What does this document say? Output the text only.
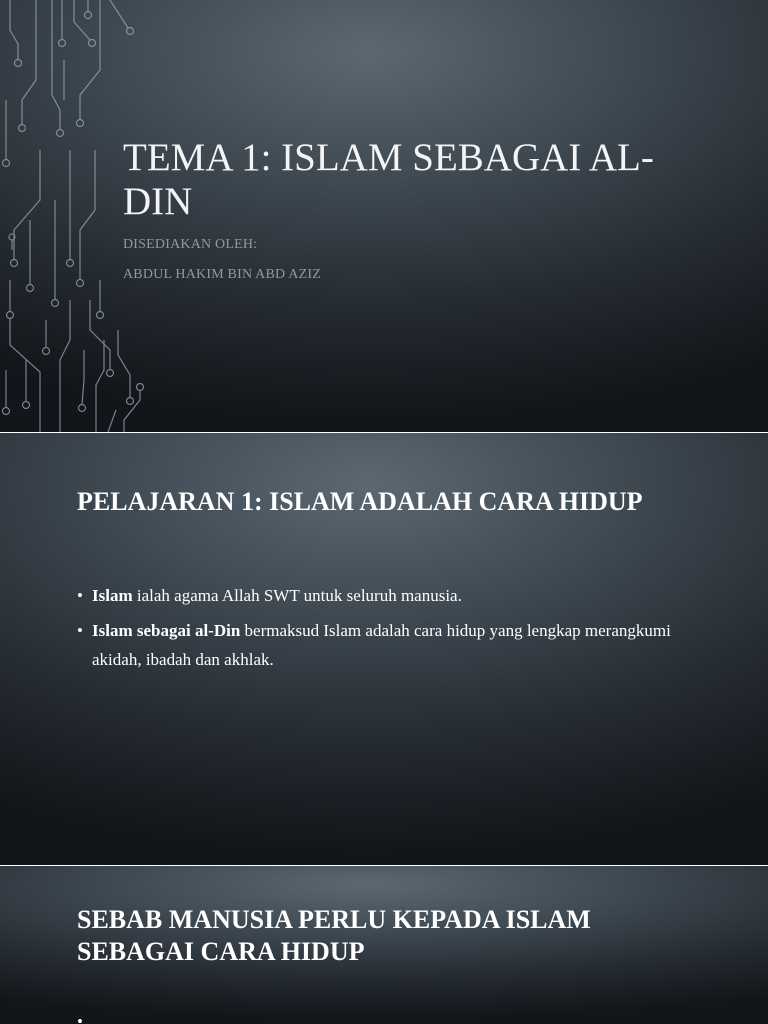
TEMA 1: ISLAM SEBAGAI AL-DIN

DISEDIAKAN OLEH:

ABDUL HAKIM BIN ABD AZIZ

PELAJARAN 1: ISLAM ADALAH CARA HIDUP
• Islam ialah agama Allah SWT untuk seluruh manusia.
• Islam sebagai al-Din bermaksud Islam adalah cara hidup yang lengkap merangkumi akidah, ibadah dan akhlak.
SEBAB MANUSIA PERLU KEPADA ISLAM SEBAGAI CARA HIDUP
•
